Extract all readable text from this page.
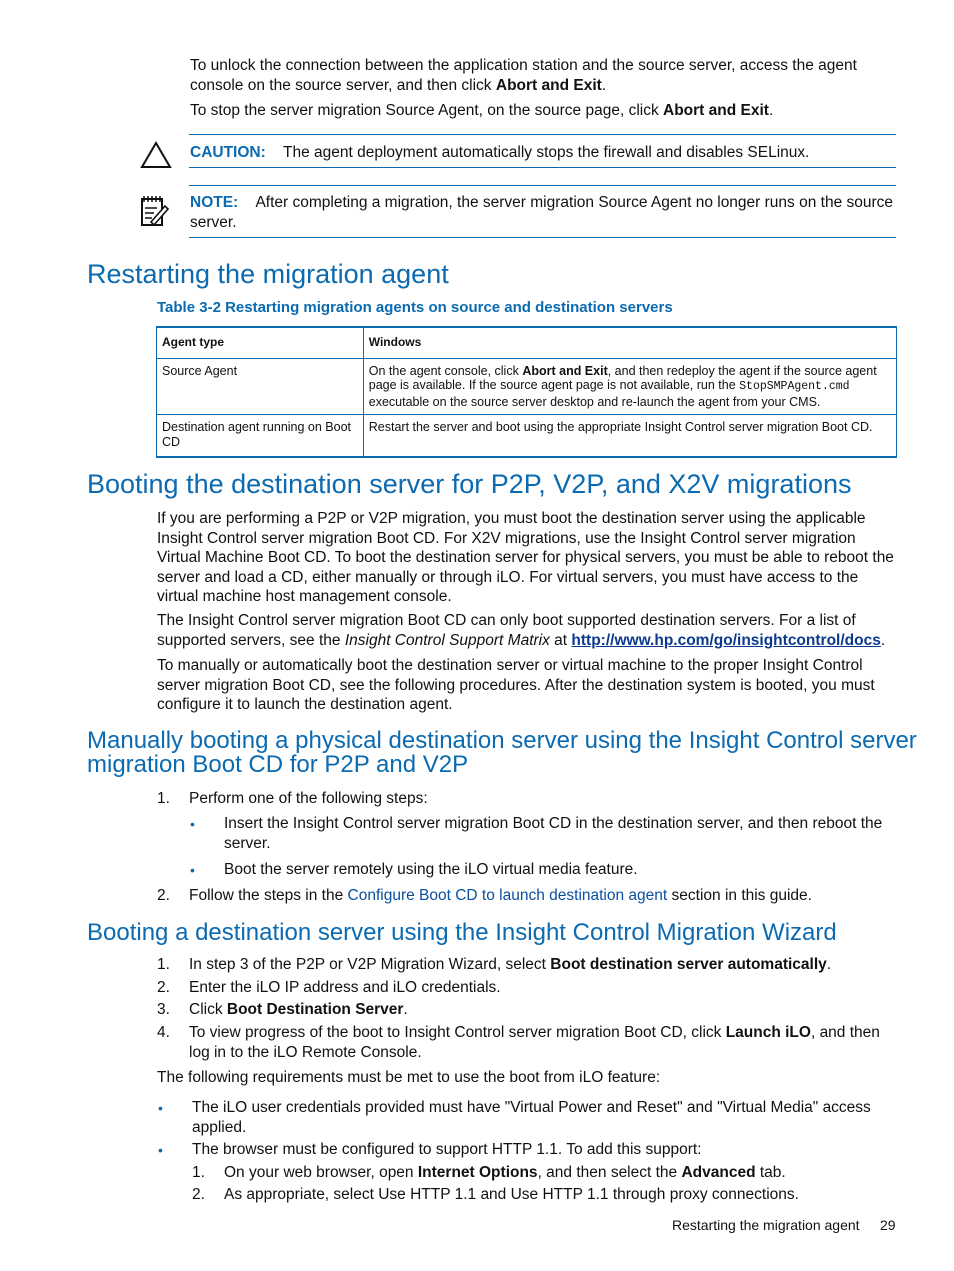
To unlock the connection between the application station and the source server, access the agent console on the source server, and then click Abort and Exit.
To stop the server migration Source Agent, on the source page, click Abort and Exit.
CAUTION: The agent deployment automatically stops the firewall and disables SELinux.
NOTE: After completing a migration, the server migration Source Agent no longer runs on the source server.
Restarting the migration agent
Table 3-2 Restarting migration agents on source and destination servers
Agent type	Windows
Source Agent	On the agent console, click Abort and Exit, and then redeploy the agent if the source agent page is available. If the source agent page is not available, run the StopSMPAgent.cmd executable on the source server desktop and re-launch the agent from your CMS.
Destination agent running on Boot CD	Restart the server and boot using the appropriate Insight Control server migration Boot CD.
Booting the destination server for P2P, V2P, and X2V migrations
If you are performing a P2P or V2P migration, you must boot the destination server using the applicable Insight Control server migration Boot CD. For X2V migrations, use the Insight Control server migration Virtual Machine Boot CD. To boot the destination server for physical servers, you must be able to reboot the server and load a CD, either manually or through iLO. For virtual servers, you must have access to the virtual machine host management console.
The Insight Control server migration Boot CD can only boot supported destination servers. For a list of supported servers, see the Insight Control Support Matrix at http://www.hp.com/go/insightcontrol/docs.
To manually or automatically boot the destination server or virtual machine to the proper Insight Control server migration Boot CD, see the following procedures. After the destination system is booted, you must configure it to launch the destination agent.
Manually booting a physical destination server using the Insight Control server
migration Boot CD for P2P and V2P
1. Perform one of the following steps:
• Insert the Insight Control server migration Boot CD in the destination server, and then reboot the server.
• Boot the server remotely using the iLO virtual media feature.
2. Follow the steps in the Configure Boot CD to launch destination agent section in this guide.
Booting a destination server using the Insight Control Migration Wizard
1. In step 3 of the P2P or V2P Migration Wizard, select Boot destination server automatically.
2. Enter the iLO IP address and iLO credentials.
3. Click Boot Destination Server.
4. To view progress of the boot to Insight Control server migration Boot CD, click Launch iLO, and then log in to the iLO Remote Console.
The following requirements must be met to use the boot from iLO feature:
• The iLO user credentials provided must have "Virtual Power and Reset" and "Virtual Media" access applied.
• The browser must be configured to support HTTP 1.1. To add this support:
1. On your web browser, open Internet Options, and then select the Advanced tab.
2. As appropriate, select Use HTTP 1.1 and Use HTTP 1.1 through proxy connections.
Restarting the migration agent 29
